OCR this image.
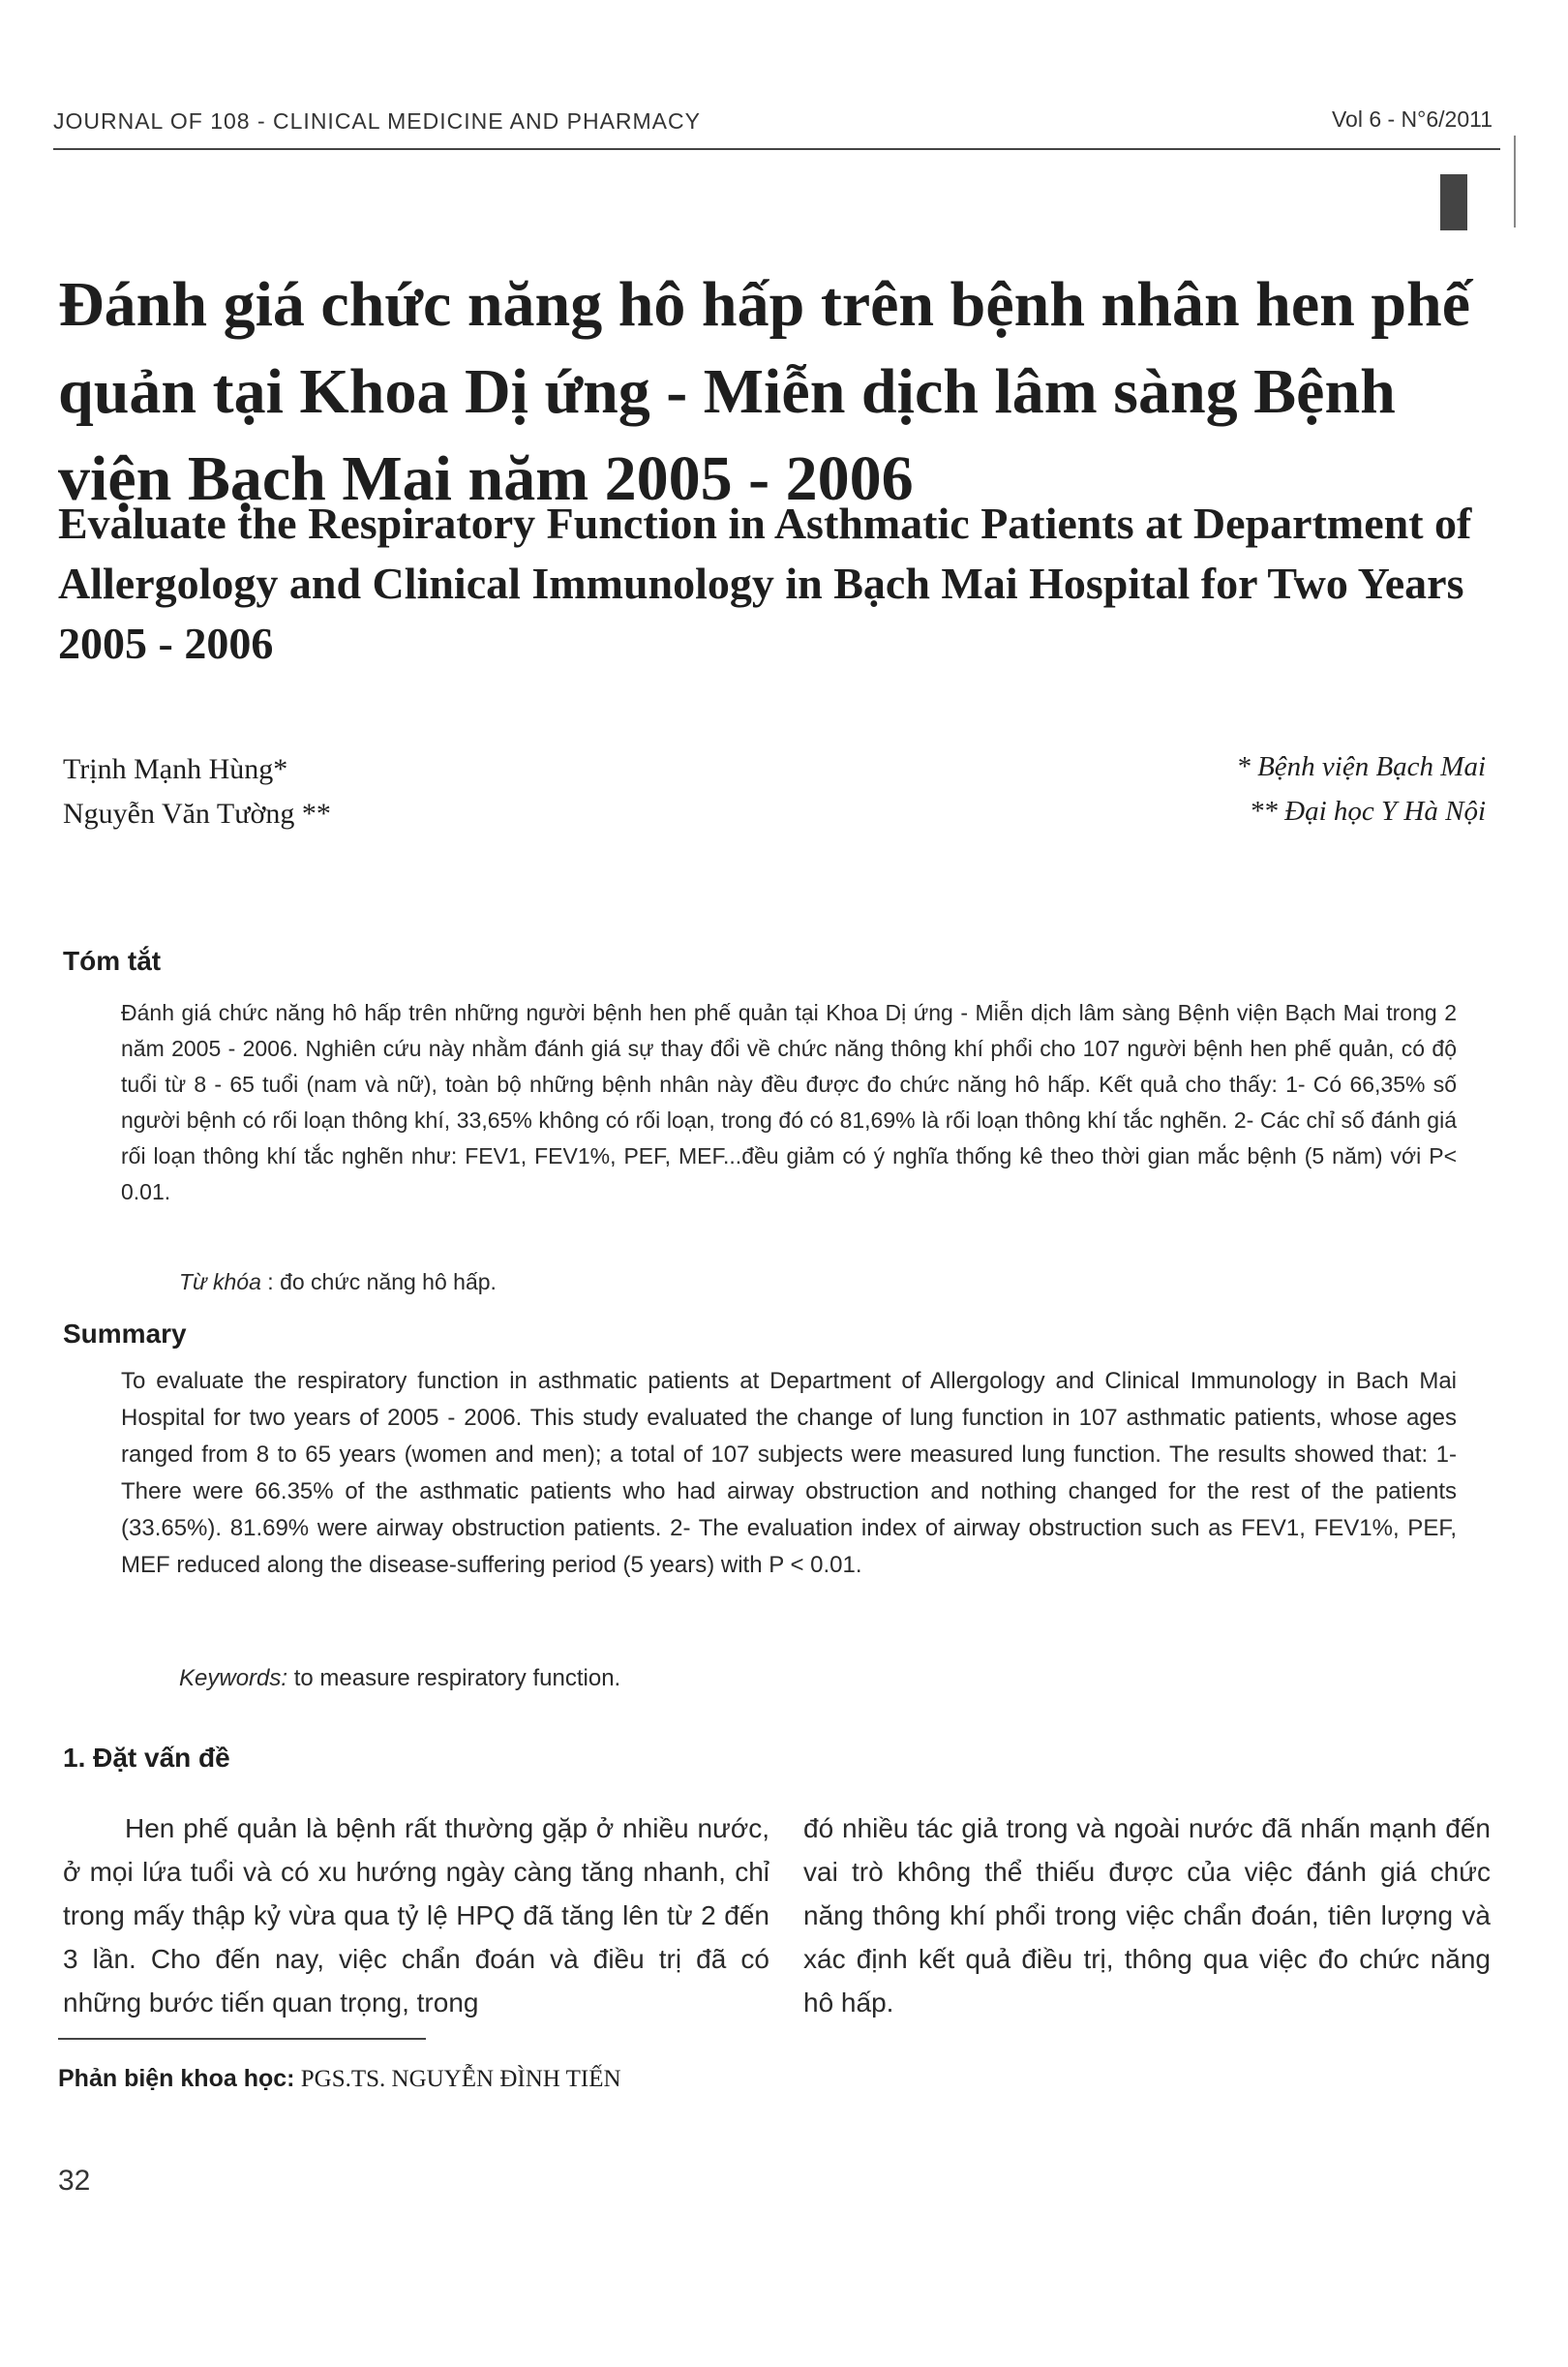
JOURNAL OF 108 - CLINICAL MEDICINE AND PHARMACY	Vol 6 - N°6/2011
Đánh giá chức năng hô hấp trên bệnh nhân hen phế quản tại Khoa Dị ứng - Miễn dịch lâm sàng Bệnh viện Bạch Mai năm 2005 - 2006
Evaluate the Respiratory Function in Asthmatic Patients at Department of Allergology and Clinical Immunology in Bạch Mai Hospital for Two Years 2005 - 2006
Trịnh Mạnh Hùng*
Nguyễn Văn Tường **
* Bệnh viện Bạch Mai
** Đại học Y Hà Nội
Tóm tắt
Đánh giá chức năng hô hấp trên những người bệnh hen phế quản tại Khoa Dị ứng - Miễn dịch lâm sàng Bệnh viện Bạch Mai trong 2 năm 2005 - 2006. Nghiên cứu này nhằm đánh giá sự thay đổi về chức năng thông khí phổi cho 107 người bệnh hen phế quản, có độ tuổi từ 8 - 65 tuổi (nam và nữ), toàn bộ những bệnh nhân này đều được đo chức năng hô hấp. Kết quả cho thấy: 1- Có 66,35% số người bệnh có rối loạn thông khí, 33,65% không có rối loạn, trong đó có 81,69% là rối loạn thông khí tắc nghẽn. 2- Các chỉ số đánh giá rối loạn thông khí tắc nghẽn như: FEV1, FEV1%, PEF, MEF...đều giảm có ý nghĩa thống kê theo thời gian mắc bệnh (5 năm) với P< 0.01.
Từ khóa : đo chức năng hô hấp.
Summary
To evaluate the respiratory function in asthmatic patients at Department of Allergology and Clinical Immunology in Bach Mai Hospital for two years of 2005 - 2006. This study evaluated the change of lung function in 107 asthmatic patients, whose ages ranged from 8 to 65 years (women and men); a total of 107 subjects were measured lung function. The results showed that: 1- There were 66.35% of the asthmatic patients who had airway obstruction and nothing changed for the rest of the patients (33.65%). 81.69% were airway obstruction patients. 2- The evaluation index of airway obstruction such as FEV1, FEV1%, PEF, MEF reduced along the disease-suffering period (5 years) with P < 0.01.
Keywords: to measure respiratory function.
1. Đặt vấn đề
Hen phế quản là bệnh rất thường gặp ở nhiều nước, ở mọi lứa tuổi và có xu hướng ngày càng tăng nhanh, chỉ trong mấy thập kỷ vừa qua tỷ lệ HPQ đã tăng lên từ 2 đến 3 lần. Cho đến nay, việc chẩn đoán và điều trị đã có những bước tiến quan trọng, trong
đó nhiều tác giả trong và ngoài nước đã nhấn mạnh đến vai trò không thể thiếu được của việc đánh giá chức năng thông khí phổi trong việc chẩn đoán, tiên lượng và xác định kết quả điều trị, thông qua việc đo chức năng hô hấp.
Phản biện khoa học: PGS.TS. NGUYỄN ĐÌNH TIẾN
32
